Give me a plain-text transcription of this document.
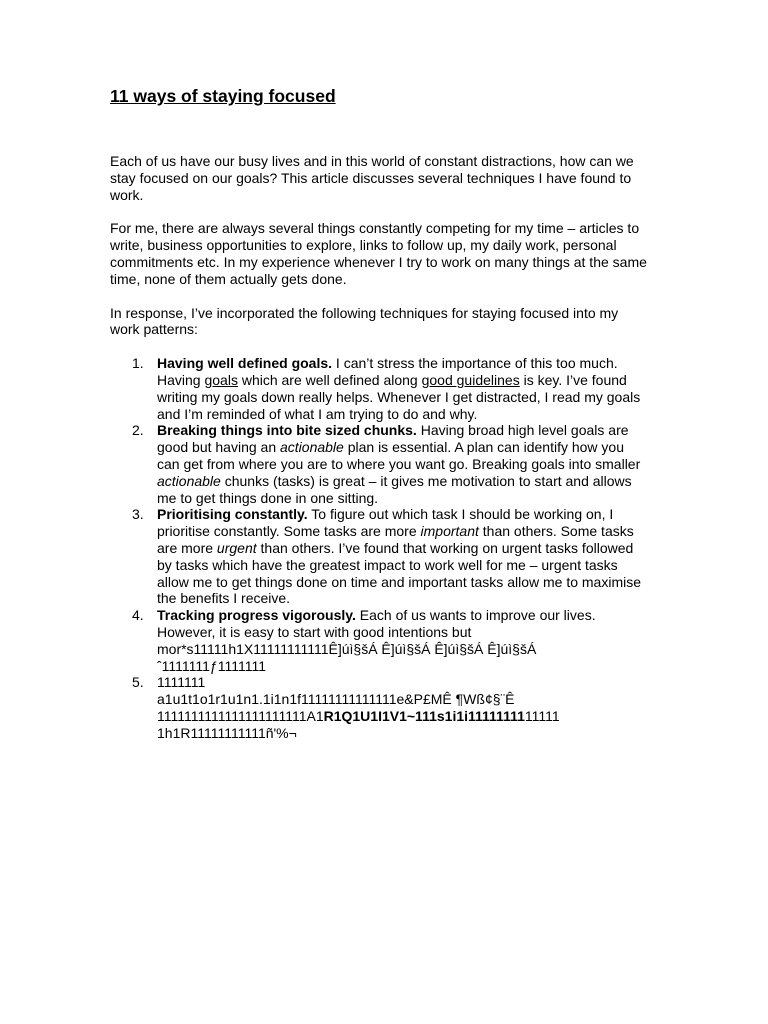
11 ways of staying focused

Each of us have our busy lives and in this world of constant distractions, how can we stay focused on our goals? This article discusses several techniques I have found to work.

For me, there are always several things constantly competing for my time – articles to write, business opportunities to explore, links to follow up, my daily work, personal commitments etc. In my experience whenever I try to work on many things at the same time, none of them actually gets done.

In response, I’ve incorporated the following techniques for staying focused into my work patterns:

1. Having well defined goals. I can’t stress the importance of this too much. Having goals which are well defined along good guidelines is key. I’ve found writing my goals down really helps. Whenever I get distracted, I read my goals and I’m reminded of what I am trying to do and why.
2. Breaking things into bite sized chunks. Having broad high level goals are good but having an actionable plan is essential. A plan can identify how you can get from where you are to where you want go. Breaking goals into smaller actionable chunks (tasks) is great – it gives me motivation to start and allows me to get things done in one sitting.
3. Prioritising constantly. To figure out which task I should be working on, I prioritise constantly. Some tasks are more important than others. Some tasks are more urgent than others. I’ve found that working on urgent tasks followed by tasks which have the greatest impact to work well for me – urgent tasks allow me to get things done on time and important tasks allow me to maximise the benefits I receive.
4. Tracking progress vigorously. Each of us wants to improve our lives. However, it is easy to start with good intentions but
mor*s11111h1X11111111111Ê]úì§šÁ Ê]úì§šÁ Ê]úì§šÁ Ê]úì§šÁ
ˆ1111111ƒ1111111
5. 1111111
a1u1t1o1r1u1n1.1i1n1f11111111111111e&P£MÊ ¶Wß¢§¨Ê
1111111111111111111111A1R1Q1U1I1V1~111s1i1i1111111111111
1h1R11111111111ñ'%¬
